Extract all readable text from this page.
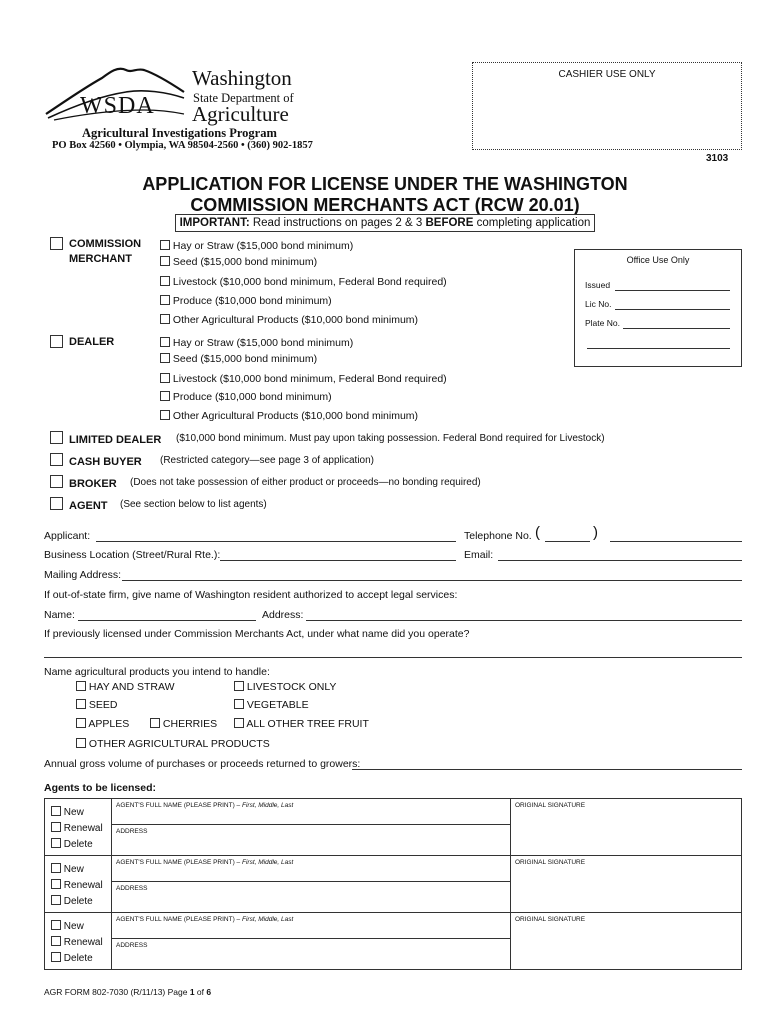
WSDA
Washington
State Department of
Agriculture
Agricultural Investigations Program
PO Box 42560 • Olympia, WA 98504-2560 • (360) 902-1857
CASHIER USE ONLY
3103
APPLICATION FOR LICENSE UNDER THE WASHINGTON
COMMISSION MERCHANTS ACT (RCW 20.01)
IMPORTANT: Read instructions on pages 2 & 3 BEFORE completing application
Office Use Only
Issued
Lic No.
Plate No.
COMMISSION
MERCHANT
Hay or Straw ($15,000 bond minimum)
Seed ($15,000 bond minimum)
Livestock ($10,000 bond minimum, Federal Bond required)
Produce ($10,000 bond minimum)
Other Agricultural Products ($10,000 bond minimum)
DEALER	Hay or Straw ($15,000 bond minimum)
Seed ($15,000 bond minimum)
Livestock ($10,000 bond minimum, Federal Bond required)
Produce ($10,000 bond minimum)
Other Agricultural Products ($10,000 bond minimum)
LIMITED DEALER ($10,000 bond minimum. Must pay upon taking possession. Federal Bond required for Livestock)
CASH BUYER (Restricted category—see page 3 of application)
BROKER (Does not take possession of either product or proceeds—no bonding required)
AGENT (See section below to list agents)
Applicant:	Telephone No. (	)
Business Location (Street/Rural Rte.):	Email:
Mailing Address:
If out-of-state firm, give name of Washington resident authorized to accept legal services:
Name:	Address:
If previously licensed under Commission Merchants Act, under what name did you operate?
Name agricultural products you intend to handle:
HAY AND STRAW	LIVESTOCK ONLY
SEED	VEGETABLE
APPLES	CHERRIES	ALL OTHER TREE FRUIT
OTHER AGRICULTURAL PRODUCTS
Annual gross volume of purchases or proceeds returned to growers:
Agents to be licensed:
New
Renewal
Delete
AGENT'S FULL NAME (PLEASE PRINT) – First, Middle, Last
ADDRESS
ORIGINAL SIGNATURE
New
Renewal
Delete
AGENT'S FULL NAME (PLEASE PRINT) – First, Middle, Last
ADDRESS
ORIGINAL SIGNATURE
New
Renewal
Delete
AGENT'S FULL NAME (PLEASE PRINT) – First, Middle, Last
ADDRESS
ORIGINAL SIGNATURE
AGR FORM 802-7030 (R/11/13) Page 1 of 6
